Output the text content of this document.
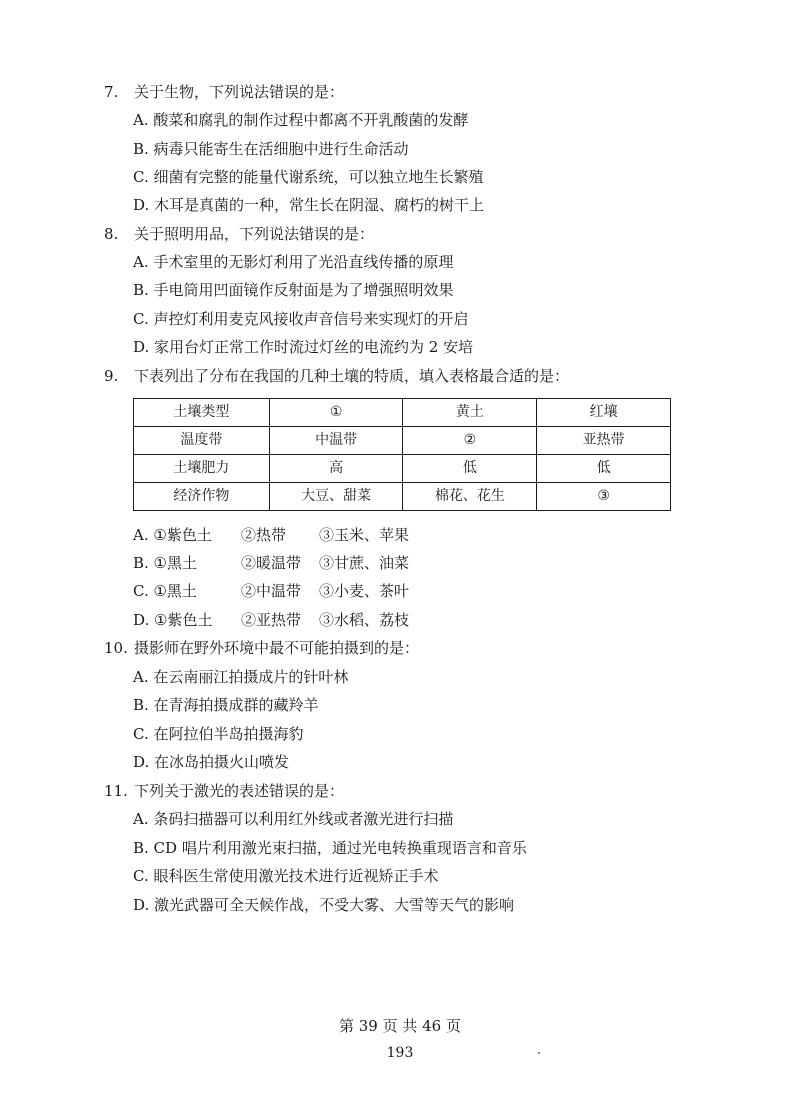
7. 关于生物，下列说法错误的是：
A. 酸菜和腐乳的制作过程中都离不开乳酸菌的发酵
B. 病毒只能寄生在活细胞中进行生命活动
C. 细菌有完整的能量代谢系统，可以独立地生长繁殖
D. 木耳是真菌的一种，常生长在阴湿、腐朽的树干上
8. 关于照明用品，下列说法错误的是：
A. 手术室里的无影灯利用了光沿直线传播的原理
B. 手电筒用凹面镜作反射面是为了增强照明效果
C. 声控灯利用麦克风接收声音信号来实现灯的开启
D. 家用台灯正常工作时流过灯丝的电流约为 2 安培
9. 下表列出了分布在我国的几种土壤的特质，填入表格最合适的是：
土壤类型	①	黄土	红壤
温度带	中温带	②	亚热带
土壤肥力	高	低	低
经济作物	大豆、甜菜	棉花、花生	③
A. ①紫色土 ②热带 ③玉米、苹果
B. ①黑土	②暖温带 ③甘蔗、油菜
C. ①黑土	②中温带 ③小麦、茶叶
D. ①紫色土 ②亚热带 ③水稻、荔枝
10. 摄影师在野外环境中最不可能拍摄到的是：
A. 在云南丽江拍摄成片的针叶林
B. 在青海拍摄成群的藏羚羊
C. 在阿拉伯半岛拍摄海豹
D. 在冰岛拍摄火山喷发
11. 下列关于激光的表述错误的是：
A. 条码扫描器可以利用红外线或者激光进行扫描
B. CD 唱片利用激光束扫描，通过光电转换重现语言和音乐
C. 眼科医生常使用激光技术进行近视矫正手术
D. 激光武器可全天候作战，不受大雾、大雪等天气的影响
第 39 页 共 46 页
193
